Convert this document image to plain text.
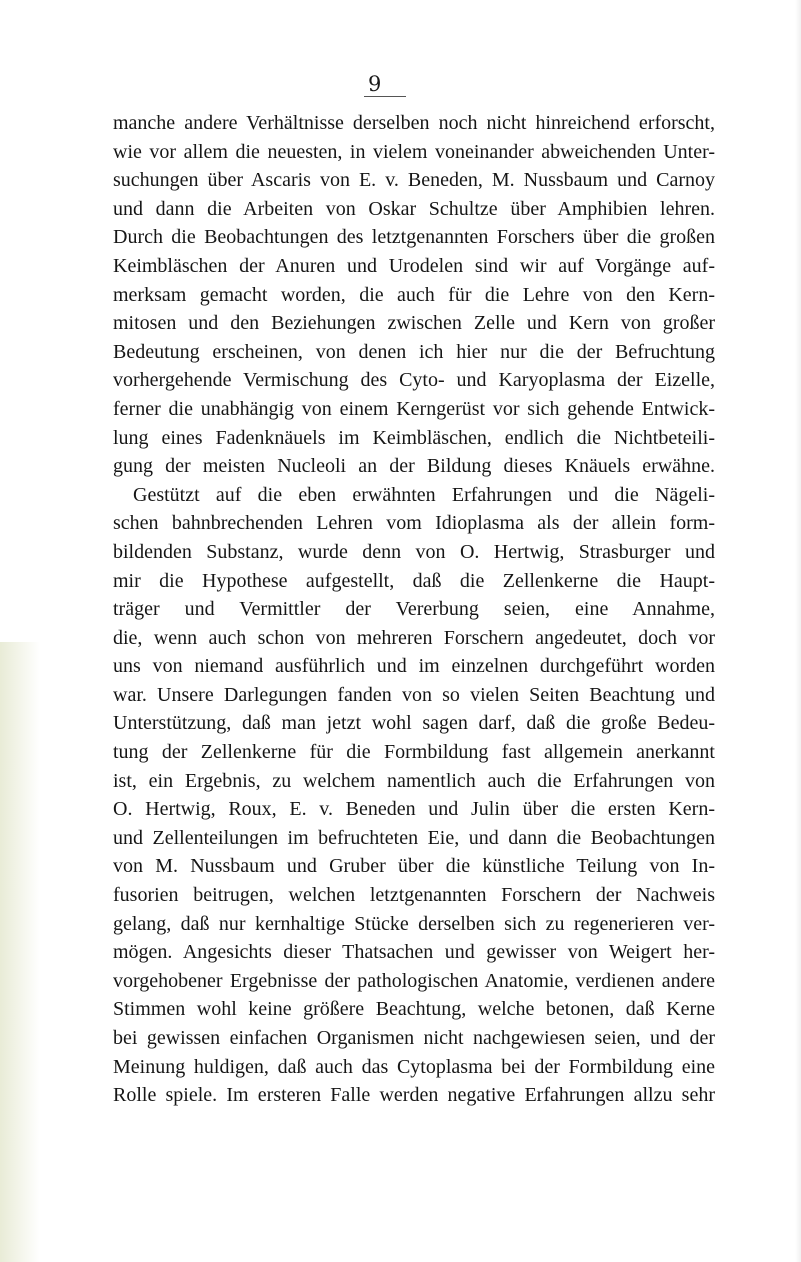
9
manche andere Verhältnisse derselben noch nicht hinreichend erforscht,
wie vor allem die neuesten, in vielem voneinander abweichenden Unter-
suchungen über Ascaris von E. v. Beneden, M. Nussbaum und Carnoy
und dann die Arbeiten von Oskar Schultze über Amphibien lehren.
Durch die Beobachtungen des letztgenannten Forschers über die großen
Keimbläschen der Anuren und Urodelen sind wir auf Vorgänge auf-
merksam gemacht worden, die auch für die Lehre von den Kern-
mitosen und den Beziehungen zwischen Zelle und Kern von großer
Bedeutung erscheinen, von denen ich hier nur die der Befruchtung
vorhergehende Vermischung des Cyto- und Karyoplasma der Eizelle,
ferner die unabhängig von einem Kerngerüst vor sich gehende Entwick-
lung eines Fadenknäuels im Keimbläschen, endlich die Nichtbeteili-
gung der meisten Nucleoli an der Bildung dieses Knäuels erwähne.
Gestützt auf die eben erwähnten Erfahrungen und die Nägeli-
schen bahnbrechenden Lehren vom Idioplasma als der allein form-
bildenden Substanz, wurde denn von O. Hertwig, Strasburger und
mir die Hypothese aufgestellt, daß die Zellenkerne die Haupt-
träger und Vermittler der Vererbung seien, eine Annahme,
die, wenn auch schon von mehreren Forschern angedeutet, doch vor
uns von niemand ausführlich und im einzelnen durchgeführt worden
war. Unsere Darlegungen fanden von so vielen Seiten Beachtung und
Unterstützung, daß man jetzt wohl sagen darf, daß die große Bedeu-
tung der Zellenkerne für die Formbildung fast allgemein anerkannt
ist, ein Ergebnis, zu welchem namentlich auch die Erfahrungen von
O. Hertwig, Roux, E. v. Beneden und Julin über die ersten Kern-
und Zellenteilungen im befruchteten Eie, und dann die Beobachtungen
von M. Nussbaum und Gruber über die künstliche Teilung von In-
fusorien beitrugen, welchen letztgenannten Forschern der Nachweis
gelang, daß nur kernhaltige Stücke derselben sich zu regenerieren ver-
mögen. Angesichts dieser Thatsachen und gewisser von Weigert her-
vorgehobener Ergebnisse der pathologischen Anatomie, verdienen andere
Stimmen wohl keine größere Beachtung, welche betonen, daß Kerne
bei gewissen einfachen Organismen nicht nachgewiesen seien, und der
Meinung huldigen, daß auch das Cytoplasma bei der Formbildung eine
Rolle spiele. Im ersteren Falle werden negative Erfahrungen allzu sehr
